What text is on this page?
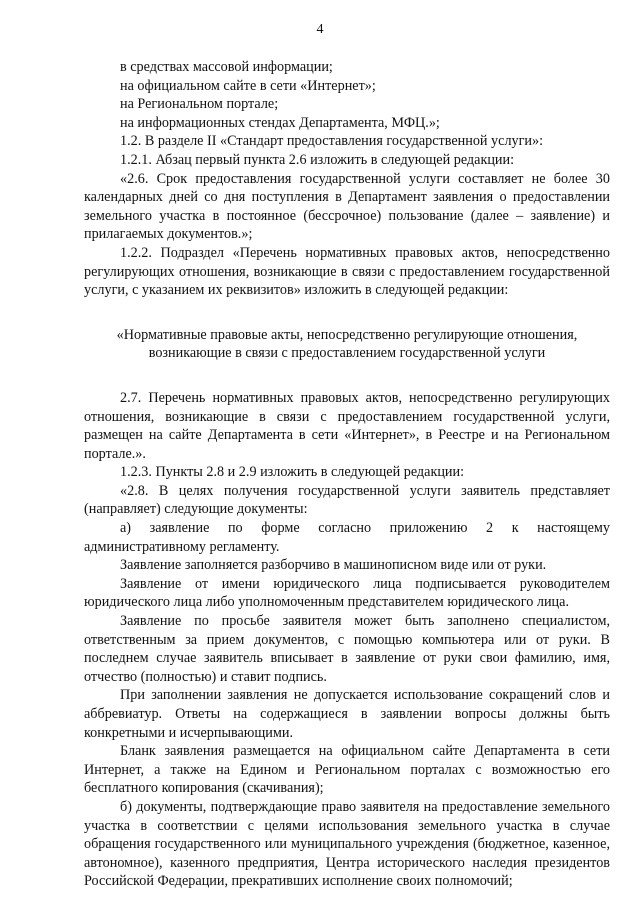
4

в средствах массовой информации;

на официальном сайте в сети «Интернет»;

на Региональном портале;

на информационных стендах Департамента, МФЦ.»;

1.2. В разделе II «Стандарт предоставления государственной услуги»:

1.2.1. Абзац первый пункта 2.6 изложить в следующей редакции:

«2.6. Срок предоставления государственной услуги составляет не более 30 календарных дней со дня поступления в Департамент заявления о предоставлении земельного участка в постоянное (бессрочное) пользование (далее – заявление) и прилагаемых документов.»;

1.2.2. Подраздел «Перечень нормативных правовых актов, непосредственно регулирующих отношения, возникающие в связи с предоставлением государственной услуги, с указанием их реквизитов» изложить в следующей редакции:

«Нормативные правовые акты, непосредственно регулирующие отношения,
возникающие в связи с предоставлением государственной услуги

2.7. Перечень нормативных правовых актов, непосредственно регулирующих отношения, возникающие в связи с предоставлением государственной услуги, размещен на сайте Департамента в сети «Интернет», в Реестре и на Региональном портале.».

1.2.3. Пункты 2.8 и 2.9 изложить в следующей редакции:

«2.8. В целях получения государственной услуги заявитель представляет (направляет) следующие документы:

а) заявление по форме согласно приложению 2 к настоящему административному регламенту.

Заявление заполняется разборчиво в машинописном виде или от руки.

Заявление от имени юридического лица подписывается руководителем юридического лица либо уполномоченным представителем юридического лица.

Заявление по просьбе заявителя может быть заполнено специалистом, ответственным за прием документов, с помощью компьютера или от руки. В последнем случае заявитель вписывает в заявление от руки свои фамилию, имя, отчество (полностью) и ставит подпись.

При заполнении заявления не допускается использование сокращений слов и аббревиатур. Ответы на содержащиеся в заявлении вопросы должны быть конкретными и исчерпывающими.

Бланк заявления размещается на официальном сайте Департамента в сети Интернет, а также на Едином и Региональном порталах с возможностью его бесплатного копирования (скачивания);

б) документы, подтверждающие право заявителя на предоставление земельного участка в соответствии с целями использования земельного участка в случае обращения государственного или муниципального учреждения (бюджетное, казенное, автономное), казенного предприятия, Центра исторического наследия президентов Российской Федерации, прекративших исполнение своих полномочий;
